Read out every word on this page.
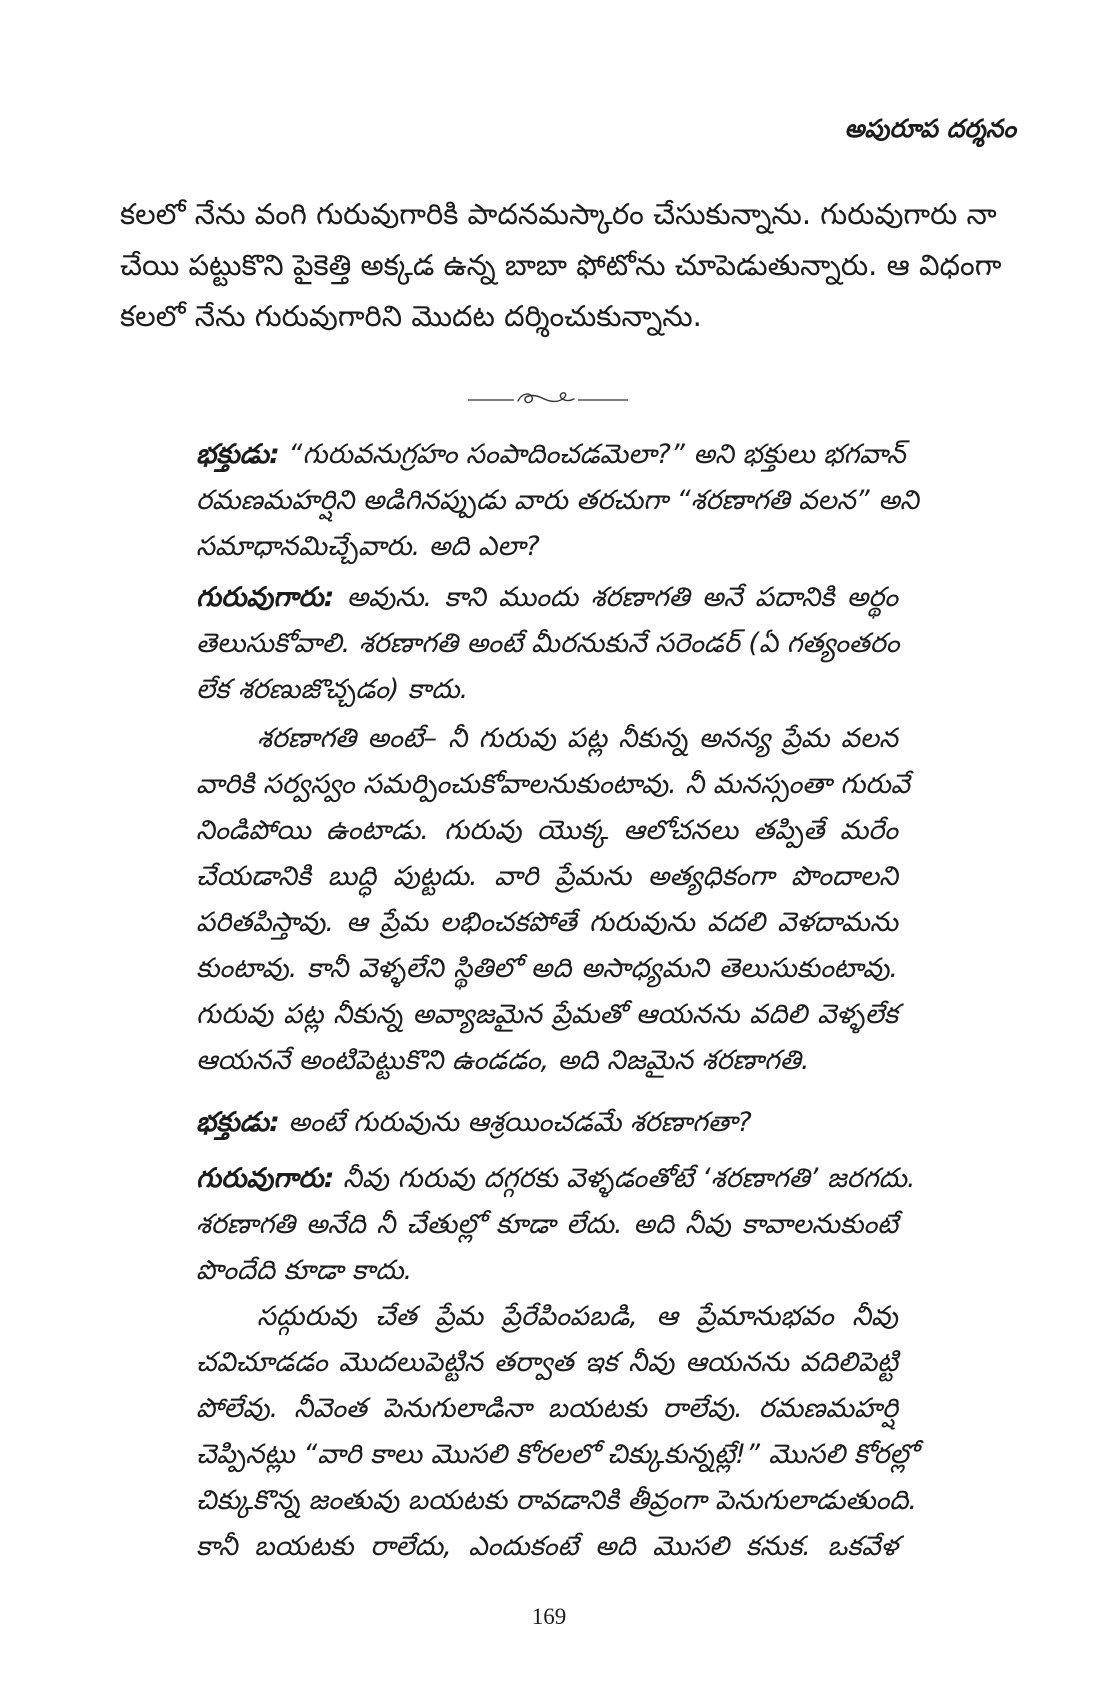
అపురూప దర్శనం
కలలో నేను వంగి గురువుగారికి పాదనమస్కారం చేసుకున్నాను. గురువుగారు నా
చేయి పట్టుకొని పైకెత్తి అక్కడ ఉన్న బాబా ఫోటోను చూపెడుతున్నారు. ఆ విధంగా
కలలో నేను గురువుగారిని మొదట దర్శించుకున్నాను.
భక్తుడు: “గురువనుగ్రహం సంపాదించడమెలా?” అని భక్తులు భగవాన్
రమణమహర్షిని అడిగినప్పుడు వారు తరచుగా “శరణాగతి వలన” అని
సమాధానమిచ్చేవారు. అది ఎలా?
గురువుగారు: అవును. కాని ముందు శరణాగతి అనే పదానికి అర్థం
తెలుసుకోవాలి. శరణాగతి అంటే మీరనుకునే సరెండర్ (ఏ గత్యంతరం
లేక శరణుజొచ్చడం) కాదు.
శరణాగతి అంటే– నీ గురువు పట్ల నీకున్న అనన్య ప్రేమ వలన
వారికి సర్వస్వం సమర్పించుకోవాలనుకుంటావు. నీ మనస్సంతా గురువే
నిండిపోయి ఉంటాడు. గురువు యొక్క ఆలోచనలు తప్పితే మరేం
చేయడానికి బుద్ధి పుట్టదు. వారి ప్రేమను అత్యధికంగా పొందాలని
పరితపిస్తావు. ఆ ప్రేమ లభించకపోతే గురువును వదలి వెళదామను
కుంటావు. కానీ వెళ్ళలేని స్థితిలో అది అసాధ్యమని తెలుసుకుంటావు.
గురువు పట్ల నీకున్న అవ్యాజమైన ప్రేమతో ఆయనను వదిలి వెళ్ళలేక
ఆయననే అంటిపెట్టుకొని ఉండడం, అది నిజమైన శరణాగతి.
భక్తుడు: అంటే గురువును ఆశ్రయించడమే శరణాగతా?
గురువుగారు: నీవు గురువు దగ్గరకు వెళ్ళడంతోటే ‘శరణాగతి’ జరగదు.
శరణాగతి అనేది నీ చేతుల్లో కూడా లేదు. అది నీవు కావాలనుకుంటే
పొందేది కూడా కాదు.
సద్గురువు చేత ప్రేమ ప్రేరేపింపబడి, ఆ ప్రేమానుభవం నీవు
చవిచూడడం మొదలుపెట్టిన తర్వాత ఇక నీవు ఆయనను వదిలిపెట్టి
పోలేవు. నీవెంత పెనుగులాడినా బయటకు రాలేవు. రమణమహర్షి
చెప్పినట్లు “వారి కాలు మొసలి కోరలలో చిక్కుకున్నట్లే!” మొసలి కోరల్లో
చిక్కుకొన్న జంతువు బయటకు రావడానికి తీవ్రంగా పెనుగులాడుతుంది.
కానీ బయటకు రాలేదు, ఎందుకంటే అది మొసలి కనుక. ఒకవేళ
169
